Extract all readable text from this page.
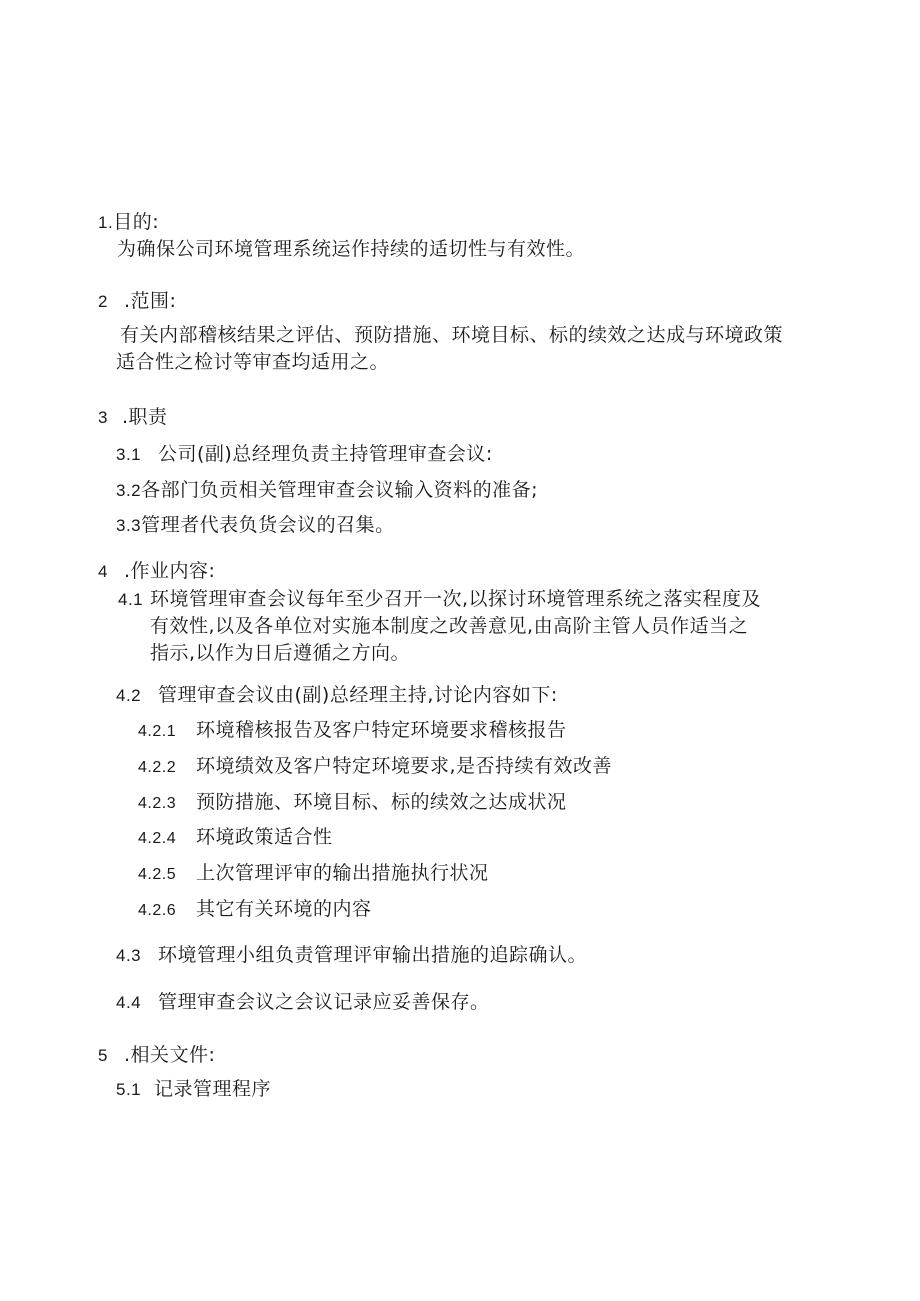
1.目的:
为确保公司环境管理系统运作持续的适切性与有效性。
2 .范围:
有关内部稽核结果之评估、预防措施、环境目标、标的续效之达成与环境政策
适合性之检讨等审查均适用之。
3 .职责
3.1 公司(副)总经理负责主持管理审查会议:
3.2各部门负贡相关管理审查会议输入资料的准备;
3.3管理者代表负货会议的召集。
4 .作业内容:
4.1 环境管理审查会议每年至少召开一次,以探讨环境管理系统之落实程度及
有效性,以及各单位对实施本制度之改善意见,由高阶主管人员作适当之
指示,以作为日后遵循之方向。
4.2 管理审查会议由(副)总经理主持,讨论内容如下:
4.2.1 环境稽核报告及客户特定环境要求稽核报告
4.2.2 环境绩效及客户特定环境要求,是否持续有效改善
4.2.3 预防措施、环境目标、标的续效之达成状况
4.2.4 环境政策适合性
4.2.5 上次管理评审的输出措施执行状况
4.2.6 其它有关环境的内容
4.3 环境管理小组负责管理评审输出措施的追踪确认。
4.4 管理审查会议之会议记录应妥善保存。
5 .相关文件:
5.1 记录管理程序
